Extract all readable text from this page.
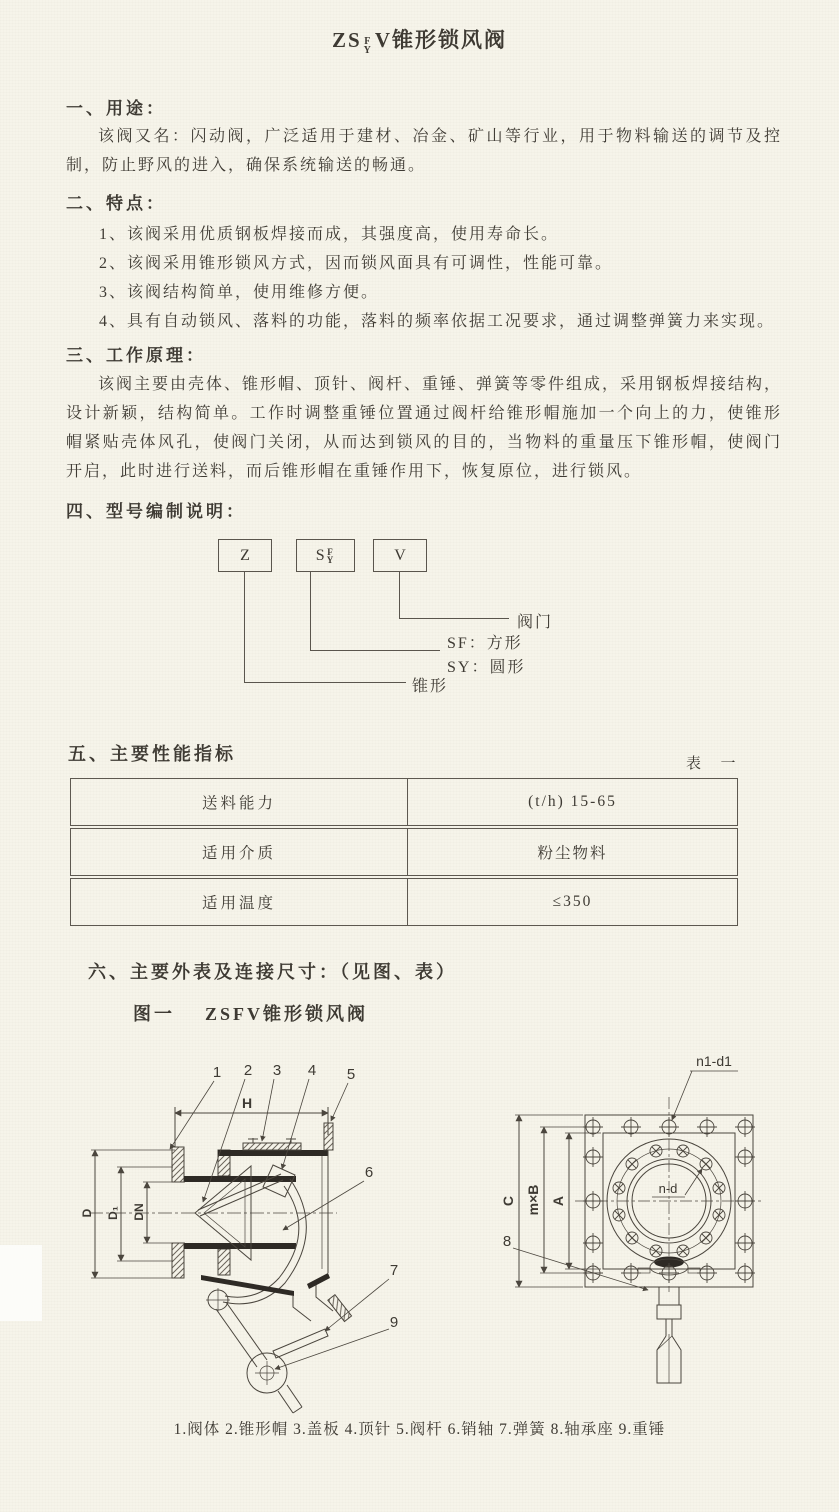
ZS F
Y V锥形锁风阀
一、用途：

该阀又名：闪动阀，广泛适用于建材、冶金、矿山等行业，用于物料输送的调节及控制，防止野风的进入，确保系统输送的畅通。

二、特点：

1、该阀采用优质钢板焊接而成，其强度高，使用寿命长。

2、该阀采用锥形锁风方式，因而锁风面具有可调性，性能可靠。

3、该阀结构简单，使用维修方便。

4、具有自动锁风、落料的功能，落料的频率依据工况要求，通过调整弹簧力来实现。

三、工作原理：

该阀主要由壳体、锥形帽、顶针、阀杆、重锤、弹簧等零件组成，采用钢板焊接结构，设计新颖，结构简单。工作时调整重锤位置通过阀杆给锥形帽施加一个向上的力，使锥形帽紧贴壳体风孔，使阀门关闭，从而达到锁风的目的，当物料的重量压下锥形帽，使阀门开启，此时进行送料，而后锥形帽在重锤作用下，恢复原位，进行锁风。

四、型号编制说明：
Z	S F
Y	V
阀门
SF：方形
SY：圆形
锥形
五、主要性能指标	表  一
送料能力	(t/h) 15-65
适用介质	粉尘物料
适用温度	≤350
六、主要外表及连接尺寸：（见图、表）
图一 ZSFV锥形锁风阀
H
D D₁ DN
1 2 3 4 5
6
7
9
n1-d1
n-d
C m×B A
8
1.阀体 2.锥形帽 3.盖板 4.顶针 5.阀杆 6.销轴 7.弹簧 8.轴承座 9.重锤
